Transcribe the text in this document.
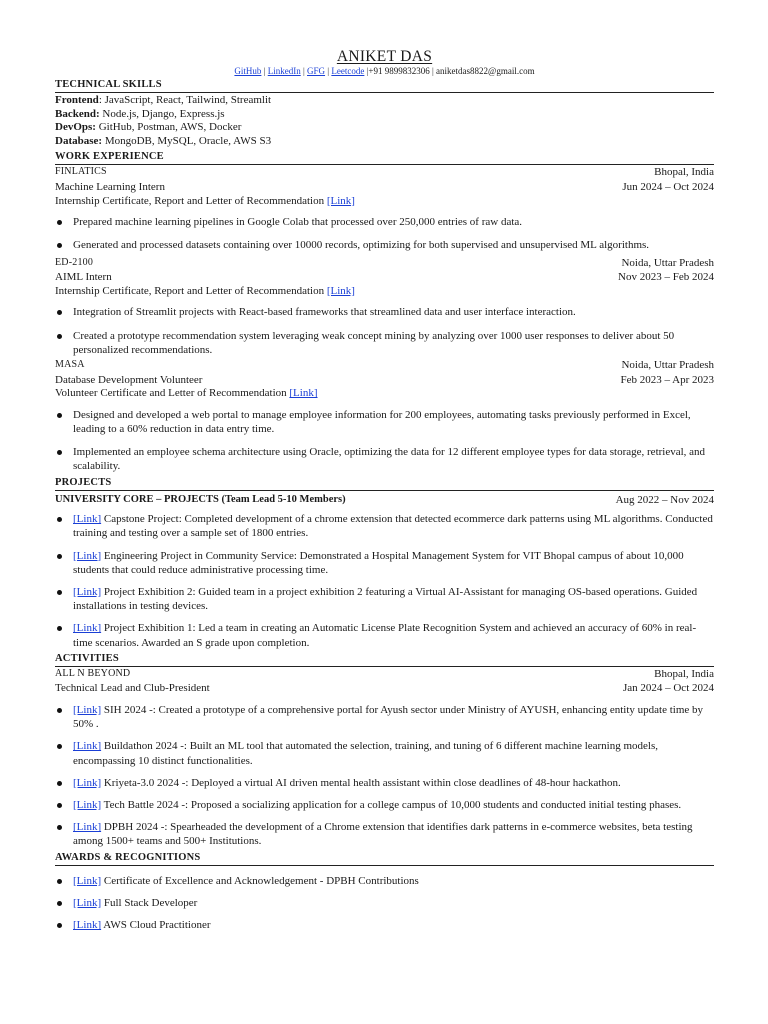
ANIKET DAS
GitHub | LinkedIn | GFG | Leetcode |+91 9899832306 | aniketdas8822@gmail.com
TECHNICAL SKILLS
Frontend: JavaScript, React, Tailwind, Streamlit
Backend: Node.js, Django, Express.js
DevOps: GitHub, Postman, AWS, Docker
Database: MongoDB, MySQL, Oracle, AWS S3
WORK EXPERIENCE
FINLATICS	Bhopal, India
Machine Learning Intern	Jun 2024 – Oct 2024
Internship Certificate, Report and Letter of Recommendation [Link]
Prepared machine learning pipelines in Google Colab that processed over 250,000 entries of raw data.
Generated and processed datasets containing over 10000 records, optimizing for both supervised and unsupervised ML algorithms.
ED-2100	Noida, Uttar Pradesh
AIML Intern	Nov 2023 – Feb 2024
Internship Certificate, Report and Letter of Recommendation [Link]
Integration of Streamlit projects with React-based frameworks that streamlined data and user interface interaction.
Created a prototype recommendation system leveraging weak concept mining by analyzing over 1000 user responses to deliver about 50 personalized recommendations.
MASA	Noida, Uttar Pradesh
Database Development Volunteer	Feb 2023 – Apr 2023
Volunteer Certificate and Letter of Recommendation [Link]
Designed and developed a web portal to manage employee information for 200 employees, automating tasks previously performed in Excel, leading to a 60% reduction in data entry time.
Implemented an employee schema architecture using Oracle, optimizing the data for 12 different employee types for data storage, retrieval, and scalability.
PROJECTS
UNIVERSITY CORE – PROJECTS (Team Lead 5-10 Members)	Aug 2022 – Nov 2024
[Link] Capstone Project: Completed development of a chrome extension that detected ecommerce dark patterns using ML algorithms. Conducted training and testing over a sample set of 1800 entries.
[Link] Engineering Project in Community Service: Demonstrated a Hospital Management System for VIT Bhopal campus of about 10,000 students that could reduce administrative processing time.
[Link] Project Exhibition 2: Guided team in a project exhibition 2 featuring a Virtual AI-Assistant for managing OS-based operations. Guided installations in testing devices.
[Link] Project Exhibition 1: Led a team in creating an Automatic License Plate Recognition System and achieved an accuracy of 60% in real-time scenarios. Awarded an S grade upon completion.
ACTIVITIES
ALL N BEYOND	Bhopal, India
Technical Lead and Club-President	Jan 2024 – Oct 2024
[Link] SIH 2024 -: Created a prototype of a comprehensive portal for Ayush sector under Ministry of AYUSH, enhancing entity update time by 50% .
[Link] Buildathon 2024 -: Built an ML tool that automated the selection, training, and tuning of 6 different machine learning models, encompassing 10 distinct functionalities.
[Link] Kriyeta-3.0 2024 -: Deployed a virtual AI driven mental health assistant within close deadlines of 48-hour hackathon.
[Link] Tech Battle 2024 -: Proposed a socializing application for a college campus of 10,000 students and conducted initial testing phases.
[Link] DPBH 2024 -: Spearheaded the development of a Chrome extension that identifies dark patterns in e-commerce websites, beta testing among 1500+ teams and 500+ Institutions.
AWARDS & RECOGNITIONS
[Link] Certificate of Excellence and Acknowledgement - DPBH Contributions
[Link] Full Stack Developer
[Link] AWS Cloud Practitioner
